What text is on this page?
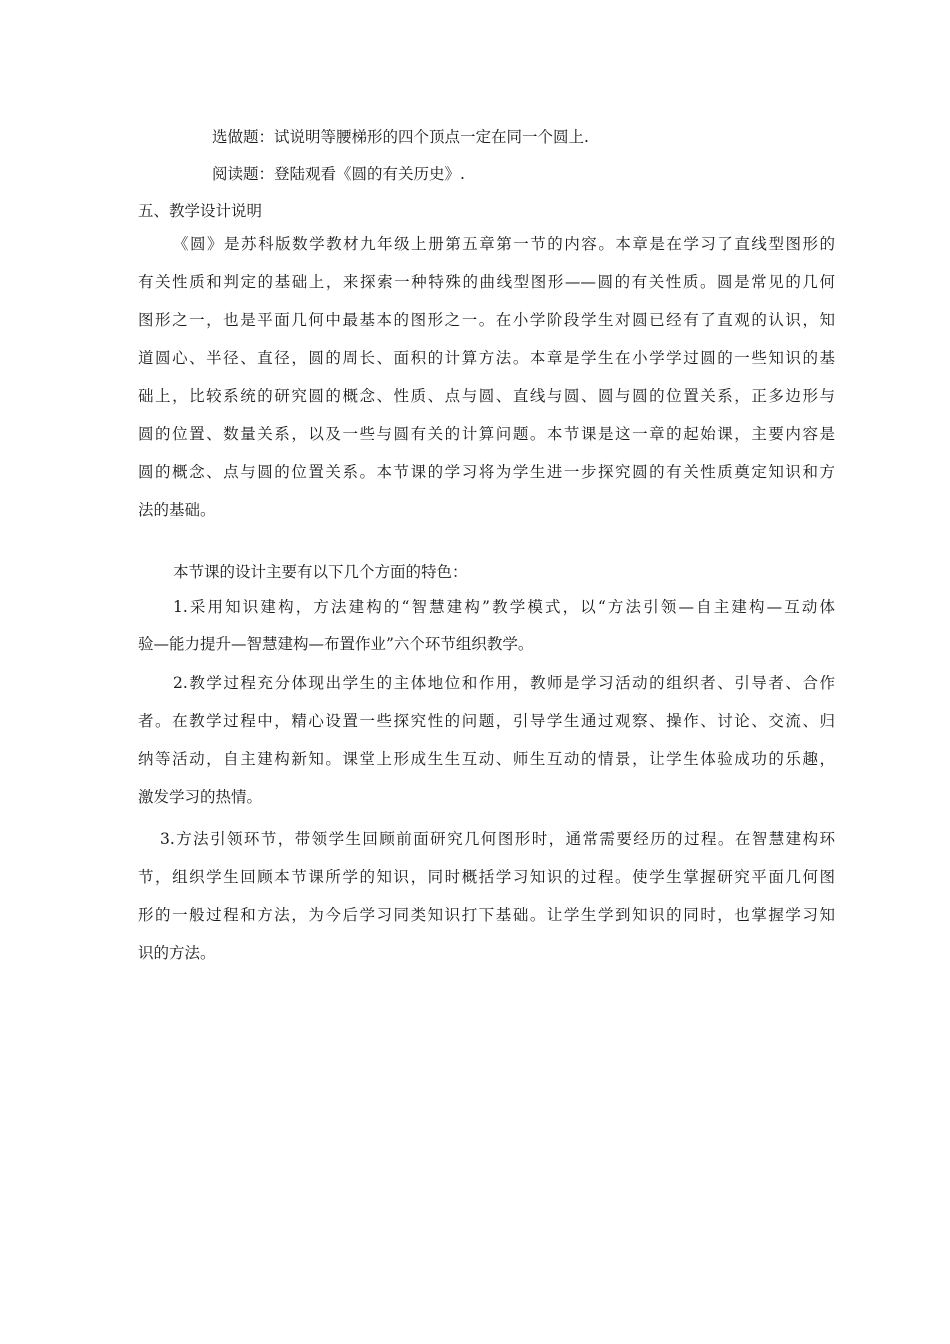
选做题：试说明等腰梯形的四个顶点一定在同一个圆上.
阅读题：登陆观看《圆的有关历史》.
五、教学设计说明
《圆》是苏科版数学教材九年级上册第五章第一节的内容。本章是在学习了直线型图形的
有关性质和判定的基础上，来探索一种特殊的曲线型图形——圆的有关性质。圆是常见的几何
图形之一，也是平面几何中最基本的图形之一。在小学阶段学生对圆已经有了直观的认识，知
道圆心、半径、直径，圆的周长、面积的计算方法。本章是学生在小学学过圆的一些知识的基
础上，比较系统的研究圆的概念、性质、点与圆、直线与圆、圆与圆的位置关系，正多边形与
圆的位置、数量关系，以及一些与圆有关的计算问题。本节课是这一章的起始课，主要内容是
圆的概念、点与圆的位置关系。本节课的学习将为学生进一步探究圆的有关性质奠定知识和方
法的基础。
本节课的设计主要有以下几个方面的特色：
1.采用知识建构，方法建构的“智慧建构”教学模式，以“方法引领—自主建构—互动体
验—能力提升—智慧建构—布置作业”六个环节组织教学。
2.教学过程充分体现出学生的主体地位和作用，教师是学习活动的组织者、引导者、合作
者。在教学过程中，精心设置一些探究性的问题，引导学生通过观察、操作、讨论、交流、归
纳等活动，自主建构新知。课堂上形成生生互动、师生互动的情景，让学生体验成功的乐趣，
激发学习的热情。
3.方法引领环节，带领学生回顾前面研究几何图形时，通常需要经历的过程。在智慧建构环
节，组织学生回顾本节课所学的知识，同时概括学习知识的过程。使学生掌握研究平面几何图
形的一般过程和方法，为今后学习同类知识打下基础。让学生学到知识的同时，也掌握学习知
识的方法。
